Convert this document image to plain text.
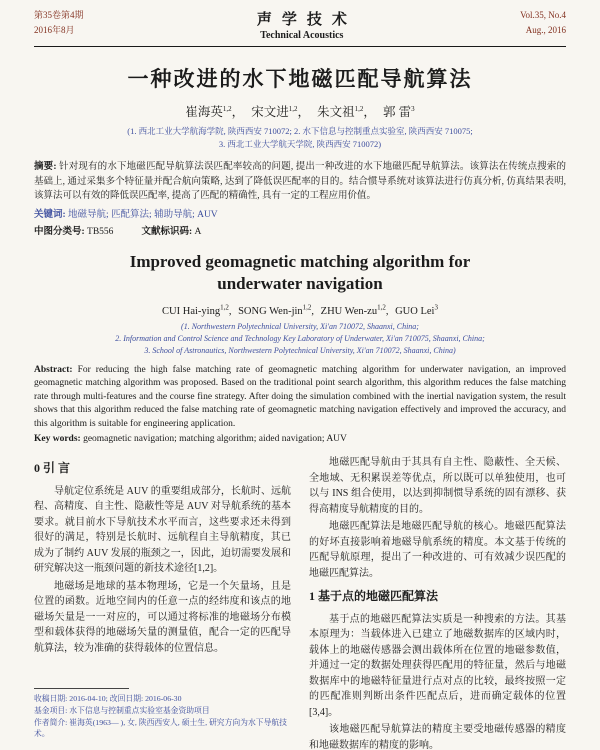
第35卷第4期
2016年8月
声学技术
Technical Acoustics
Vol.35, No.4
Aug., 2016
一种改进的水下地磁匹配导航算法
崔海英$^{1,2}$ ， 宋文进$^{1,2}$ ， 朱文祖$^{1,2}$ ， 郭 雷$^3$
(1. 西北工业大学航海学院, 陕西西安 710072; 2. 水下信息与控制重点实验室, 陕西西安 710075;
3. 西北工业大学航天学院, 陕西西安 710072)

摘要: 针对现有的水下地磁匹配导航算法误匹配率较高的问题, 提出一种改进的水下地磁匹配导航算法。该算法在传统点搜索的基础上, 通过采集多个特征量并配合航向策略, 达到了降低误匹配率的目的。结合惯导系统对该算法进行仿真分析, 仿真结果表明, 该算法可以有效的降低误匹配率, 提高了匹配的精确性, 具有一定的工程应用价值。

关键词: 地磁导航; 匹配算法; 辅助导航; AUV

中图分类号: TB556	文献标识码: A

Improved geomagnetic matching algorithm for underwater navigation
CUI Hai-ying$^{1,2}$ , SONG Wen-jin$^{1,2}$ , ZHU Wen-zu$^{1,2}$ , GUO Lei$^3$
(1. Northwestern Polytechnical University, Xi'an 710072, Shaanxi, China;
2. Information and Control Science and Technology Key Laboratory of Underwater, Xi'an 710075, Shaanxi, China;
3. School of Astronautics, Northwestern Polytechnical University, Xi'an 710072, Shaanxi, China)

Abstract: For reducing the high false matching rate of geomagnetic matching algorithm for underwater navigation, an improved geomagnetic matching algorithm was proposed. Based on the traditional point search algorithm, this algorithm reduces the false matching rate through multi-features and the course fine strategy. After doing the simulation combined with the inertial navigation system, the result shows that this algorithm reduced the false matching rate of geomagnetic matching navigation effectively and improved the accuracy, and this algorithm is suitable for engineering application.

Key words: geomagnetic navigation; matching algorithm; aided navigation; AUV

0 引 言

导航定位系统是 AUV 的重要组成部分，长航时、远航程、高精度、自主性、隐蔽性等是 AUV 对导航系统的基本要求。就目前水下导航技术水平而言，这些要求还未得到很好的满足，特别是长航时、远航程自主导航精度，其已成为了制约 AUV 发展的瓶颈之一，因此，迫切需要发展和研究解决这一瓶颈问题的新技术途径[1,2]。

地磁场是地球的基本物理场，它是一个矢量场，且是位置的函数。近地空间内的任意一点的经纬度和该点的地磁场矢量是一一对应的，可以通过将标准的地磁场分布模型和载体获得的地磁场矢量的测量值，配合一定的匹配导航算法，较为准确的获得载体的位置信息。

收稿日期: 2016-04-10; 改回日期: 2016-06-30
基金项目: 水下信息与控制重点实验室基金资助项目
作者简介: 崔海英(1963— ), 女, 陕西西安人, 硕士生, 研究方向为水下导航技术。

地磁匹配导航由于其具有自主性、隐蔽性、全天候、全地域、无积累误差等优点，所以既可以单独使用，也可以与 INS 组合使用，以达到抑制惯导系统的固有漂移、获得高精度导航精度的目的。

地磁匹配算法是地磁匹配导航的核心。地磁匹配算法的好坏直接影响着地磁导航系统的精度。本文基于传统的匹配导航原理，提出了一种改进的、可有效减少误匹配的地磁匹配算法。

1 基于点的地磁匹配算法

基于点的地磁匹配算法实质是一种搜索的方法。其基本原理为：当载体进入已建立了地磁数据库的区域内时，载体上的地磁传感器会测出载体所在位置的地磁参数值，并通过一定的数据处理获得匹配用的特征量，然后与地磁数据库中的地磁特征量进行点对点的比较，最终按照一定的匹配准则判断出条件匹配点后，进而确定载体的位置[3,4]。

该地磁匹配导航算法的精度主要受地磁传感器的精度和地磁数据库的精度的影响。
